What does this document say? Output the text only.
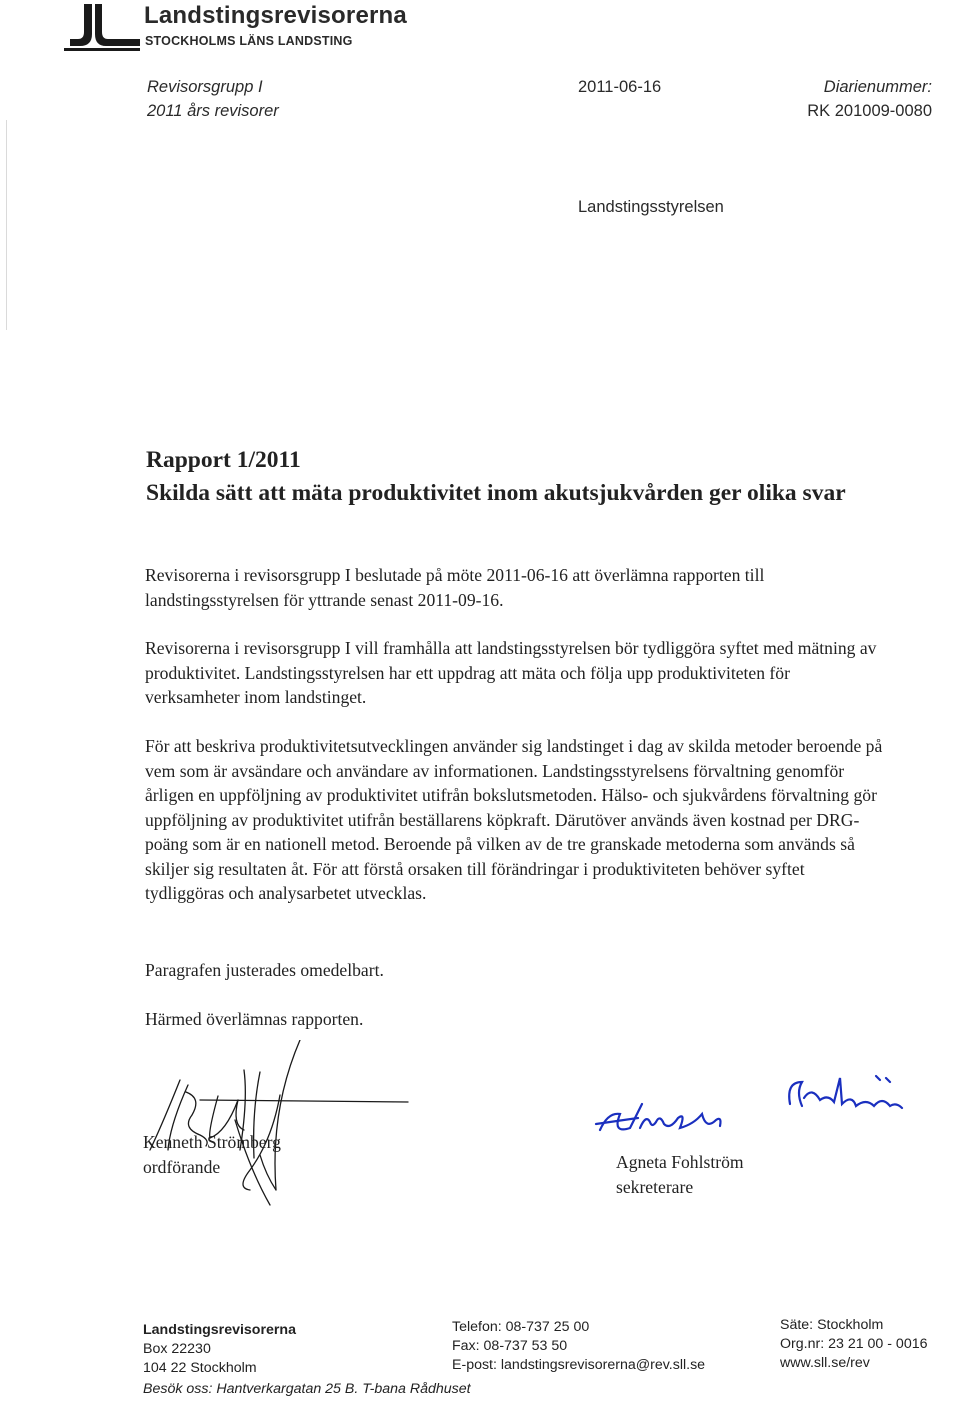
Landstingsrevisorerna
STOCKHOLMS LÄNS LANDSTING
Revisorsgrupp I
2011 års revisorer
2011-06-16	Diarienummer:
RK 201009-0080
Landstingsstyrelsen
Rapport 1/2011
Skilda sätt att mäta produktivitet inom akutsjukvården ger olika svar

Revisorerna i revisorsgrupp I beslutade på möte 2011-06-16 att överlämna rapporten till landstingsstyrelsen för yttrande senast 2011-09-16.

Revisorerna i revisorsgrupp I vill framhålla att landstingsstyrelsen bör tydliggöra syftet med mätning av produktivitet. Landstingsstyrelsen har ett uppdrag att mäta och följa upp produktiviteten för verksamheter inom landstinget.

För att beskriva produktivitetsutvecklingen använder sig landstinget i dag av skilda metoder beroende på vem som är avsändare och användare av informationen. Landstingsstyrelsens förvaltning genomför årligen en uppföljning av produktivitet utifrån bokslutsmetoden. Hälso- och sjukvårdens förvaltning gör uppföljning av produktivitet utifrån beställarens köpkraft. Därutöver används även kostnad per DRG-poäng som är en nationell metod. Beroende på vilken av de tre granskade metoderna som används så skiljer sig resultaten åt. För att förstå orsaken till förändringar i produktiviteten behöver syftet tydliggöras och analysarbetet utvecklas.

Paragrafen justerades omedelbart.

Härmed överlämnas rapporten.

Kenneth Strömberg
ordförande	Agneta Fohlström
sekreterare
Landstingsrevisorerna
Box 22230
104 22 Stockholm
Besök oss: Hantverkargatan 25 B. T-bana Rådhuset
Telefon: 08-737 25 00
Fax: 08-737 53 50
E-post: landstingsrevisorerna@rev.sll.se
Säte: Stockholm
Org.nr: 23 21 00 - 0016
www.sll.se/rev
